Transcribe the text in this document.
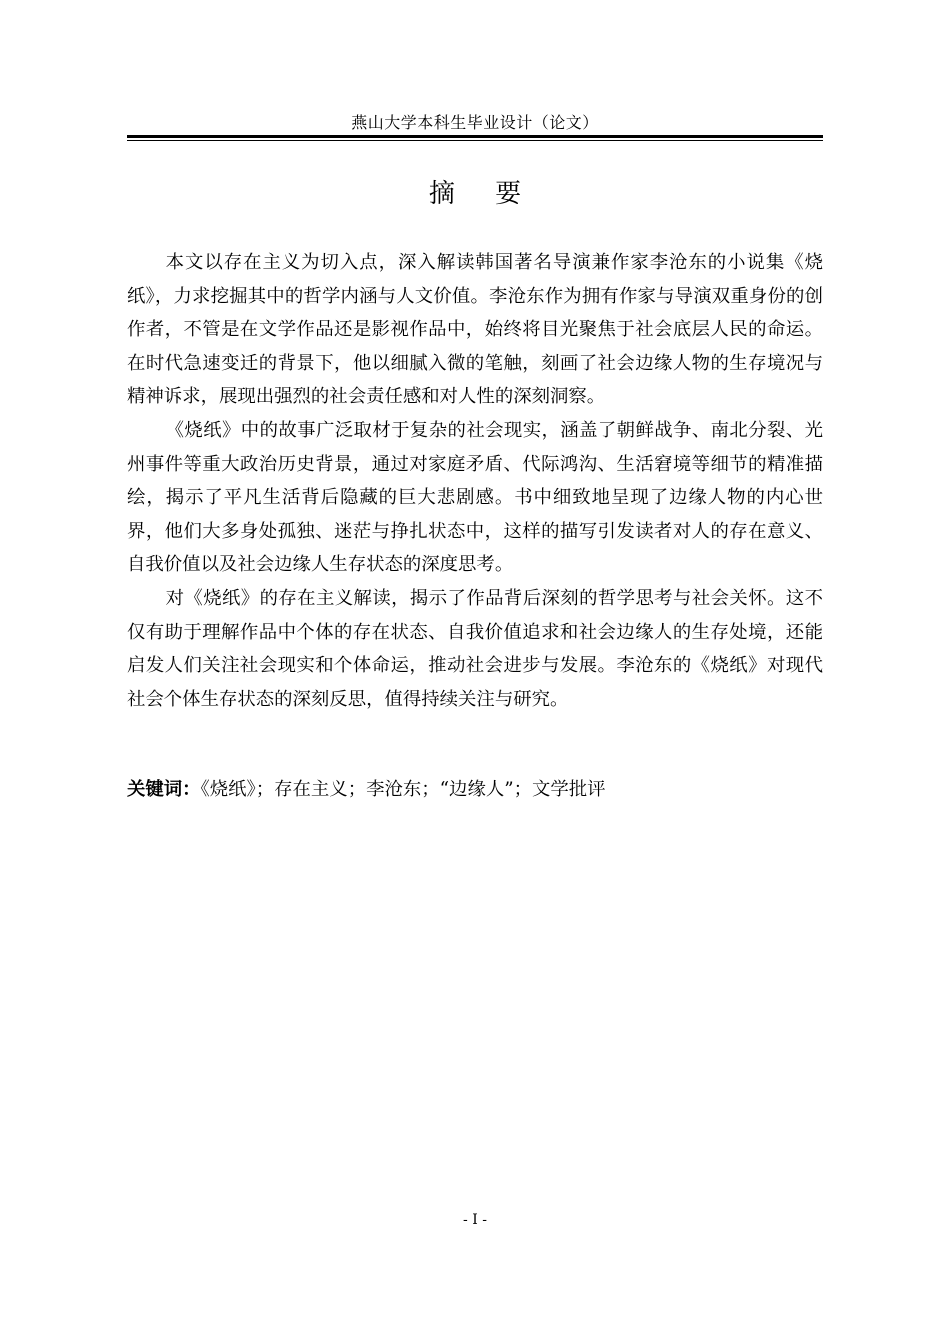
燕山大学本科生毕业设计（论文）
摘 要

本文以存在主义为切入点，深入解读韩国著名导演兼作家李沧东的小说集《烧纸》，力求挖掘其中的哲学内涵与人文价值。李沧东作为拥有作家与导演双重身份的创作者，不管是在文学作品还是影视作品中，始终将目光聚焦于社会底层人民的命运。在时代急速变迁的背景下，他以细腻入微的笔触，刻画了社会边缘人物的生存境况与精神诉求，展现出强烈的社会责任感和对人性的深刻洞察。

《烧纸》中的故事广泛取材于复杂的社会现实，涵盖了朝鲜战争、南北分裂、光州事件等重大政治历史背景，通过对家庭矛盾、代际鸿沟、生活窘境等细节的精准描绘，揭示了平凡生活背后隐藏的巨大悲剧感。书中细致地呈现了边缘人物的内心世界，他们大多身处孤独、迷茫与挣扎状态中，这样的描写引发读者对人的存在意义、自我价值以及社会边缘人生存状态的深度思考。

对《烧纸》的存在主义解读，揭示了作品背后深刻的哲学思考与社会关怀。这不仅有助于理解作品中个体的存在状态、自我价值追求和社会边缘人的生存处境，还能启发人们关注社会现实和个体命运，推动社会进步与发展。李沧东的《烧纸》对现代社会个体生存状态的深刻反思，值得持续关注与研究。

关键词：《烧纸》；存在主义；李沧东；“边缘人”；文学批评
- I -
